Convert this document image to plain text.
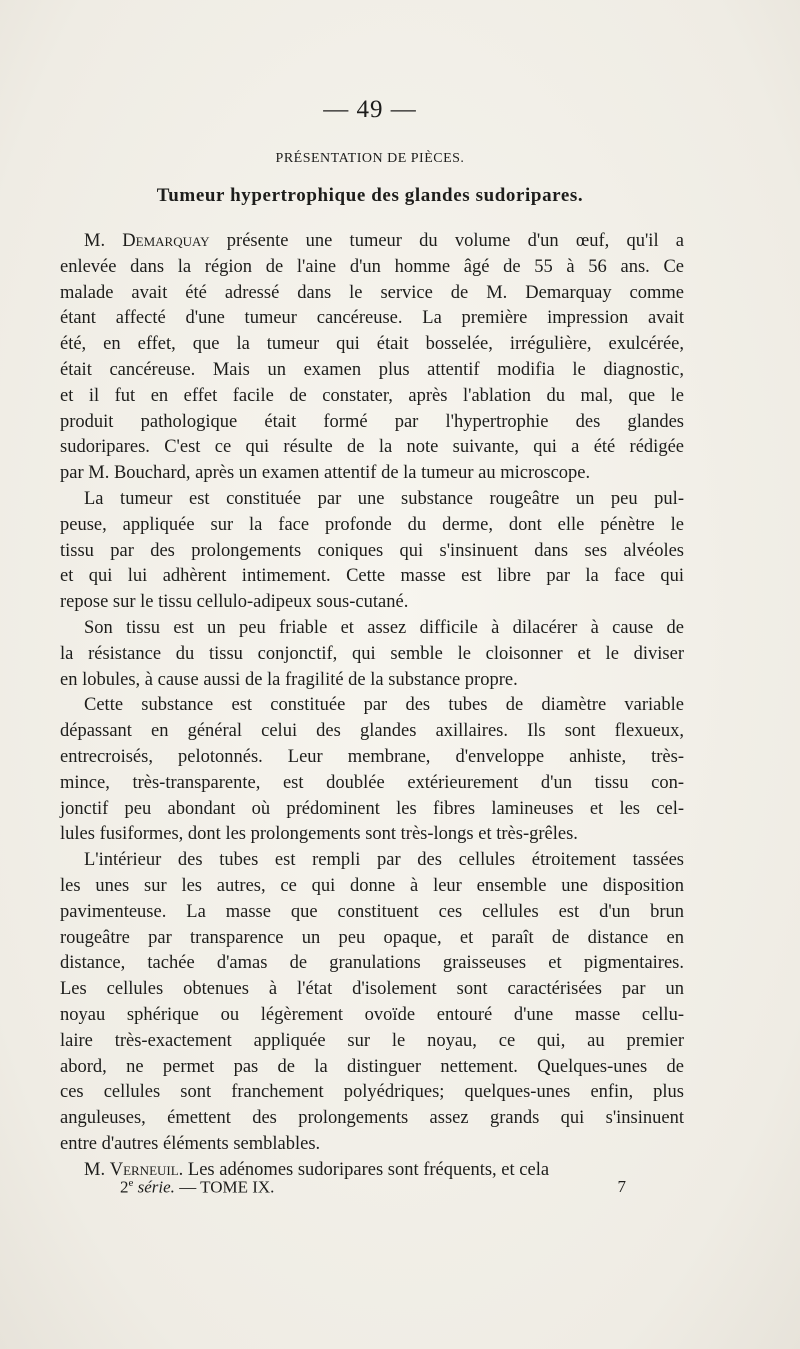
— 49 —
PRÉSENTATION DE PIÈCES.
Tumeur hypertrophique des glandes sudoripares.
M. Demarquay présente une tumeur du volume d'un œuf, qu'il a
enlevée dans la région de l'aine d'un homme âgé de 55 à 56 ans. Ce
malade avait été adressé dans le service de M. Demarquay comme
étant affecté d'une tumeur cancéreuse. La première impression avait
été, en effet, que la tumeur qui était bosselée, irrégulière, exulcérée,
était cancéreuse. Mais un examen plus attentif modifia le diagnostic,
et il fut en effet facile de constater, après l'ablation du mal, que le
produit pathologique était formé par l'hypertrophie des glandes
sudoripares. C'est ce qui résulte de la note suivante, qui a été rédigée
par M. Bouchard, après un examen attentif de la tumeur au microscope.
La tumeur est constituée par une substance rougeâtre un peu pul-
peuse, appliquée sur la face profonde du derme, dont elle pénètre le
tissu par des prolongements coniques qui s'insinuent dans ses alvéoles
et qui lui adhèrent intimement. Cette masse est libre par la face qui
repose sur le tissu cellulo-adipeux sous-cutané.
Son tissu est un peu friable et assez difficile à dilacérer à cause de
la résistance du tissu conjonctif, qui semble le cloisonner et le diviser
en lobules, à cause aussi de la fragilité de la substance propre.
Cette substance est constituée par des tubes de diamètre variable
dépassant en général celui des glandes axillaires. Ils sont flexueux,
entrecroisés, pelotonnés. Leur membrane, d'enveloppe anhiste, très-
mince, très-transparente, est doublée extérieurement d'un tissu con-
jonctif peu abondant où prédominent les fibres lamineuses et les cel-
lules fusiformes, dont les prolongements sont très-longs et très-grêles.
L'intérieur des tubes est rempli par des cellules étroitement tassées
les unes sur les autres, ce qui donne à leur ensemble une disposition
pavimenteuse. La masse que constituent ces cellules est d'un brun
rougeâtre par transparence un peu opaque, et paraît de distance en
distance, tachée d'amas de granulations graisseuses et pigmentaires.
Les cellules obtenues à l'état d'isolement sont caractérisées par un
noyau sphérique ou légèrement ovoïde entouré d'une masse cellu-
laire très-exactement appliquée sur le noyau, ce qui, au premier
abord, ne permet pas de la distinguer nettement. Quelques-unes de
ces cellules sont franchement polyédriques; quelques-unes enfin, plus
anguleuses, émettent des prolongements assez grands qui s'insinuent
entre d'autres éléments semblables.
M. Verneuil. Les adénomes sudoripares sont fréquents, et cela
2e série. — TOME IX.	7
